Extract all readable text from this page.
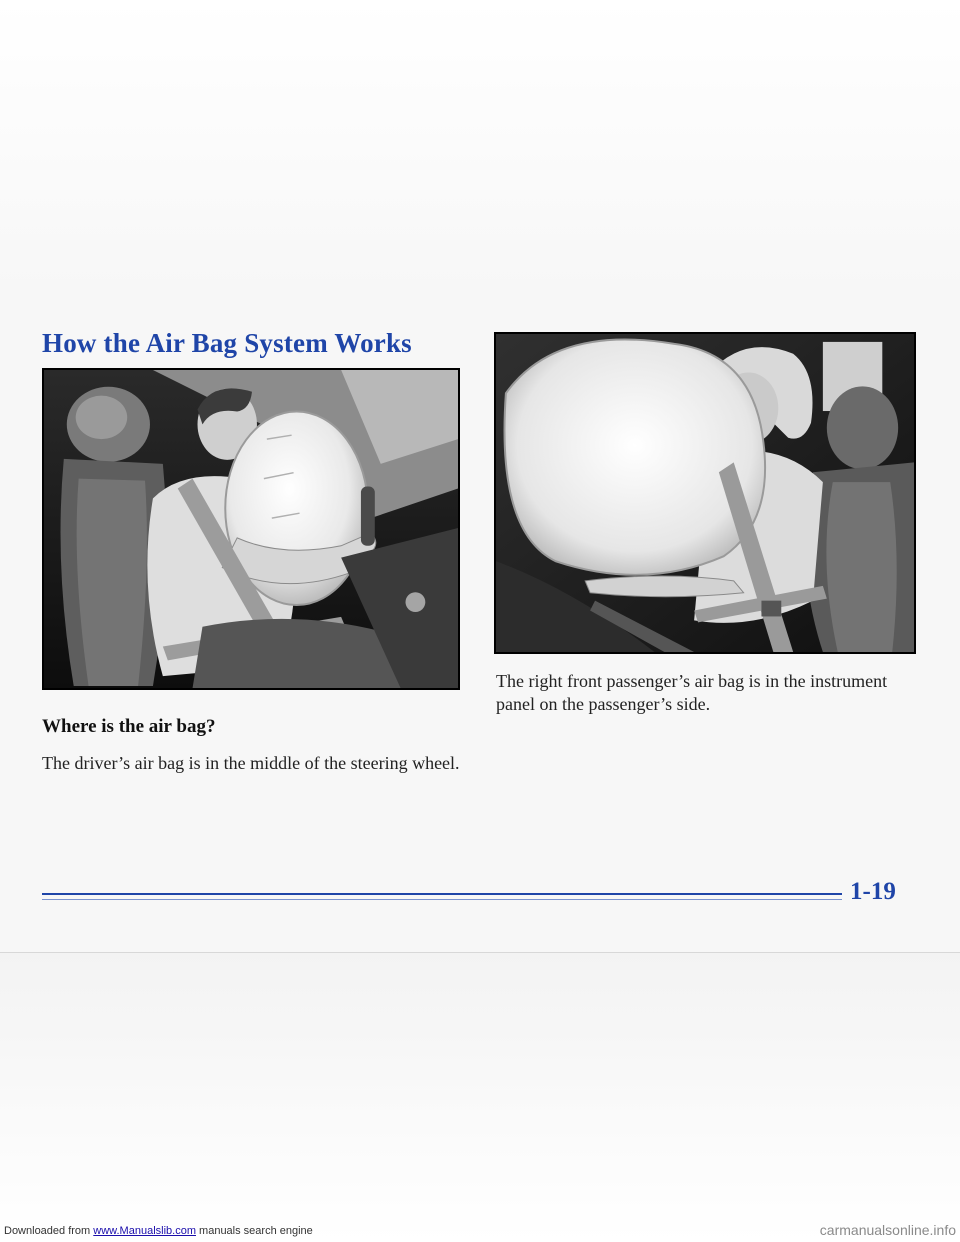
How the Air Bag System Works
Where is the air bag?

The driver’s air bag is in the middle of the steering wheel.

The right front passenger’s air bag is in the instrument panel on the passenger’s side.

1-19

Downloaded from www.Manualslib.com manuals search engine	carmanualsonline.info
